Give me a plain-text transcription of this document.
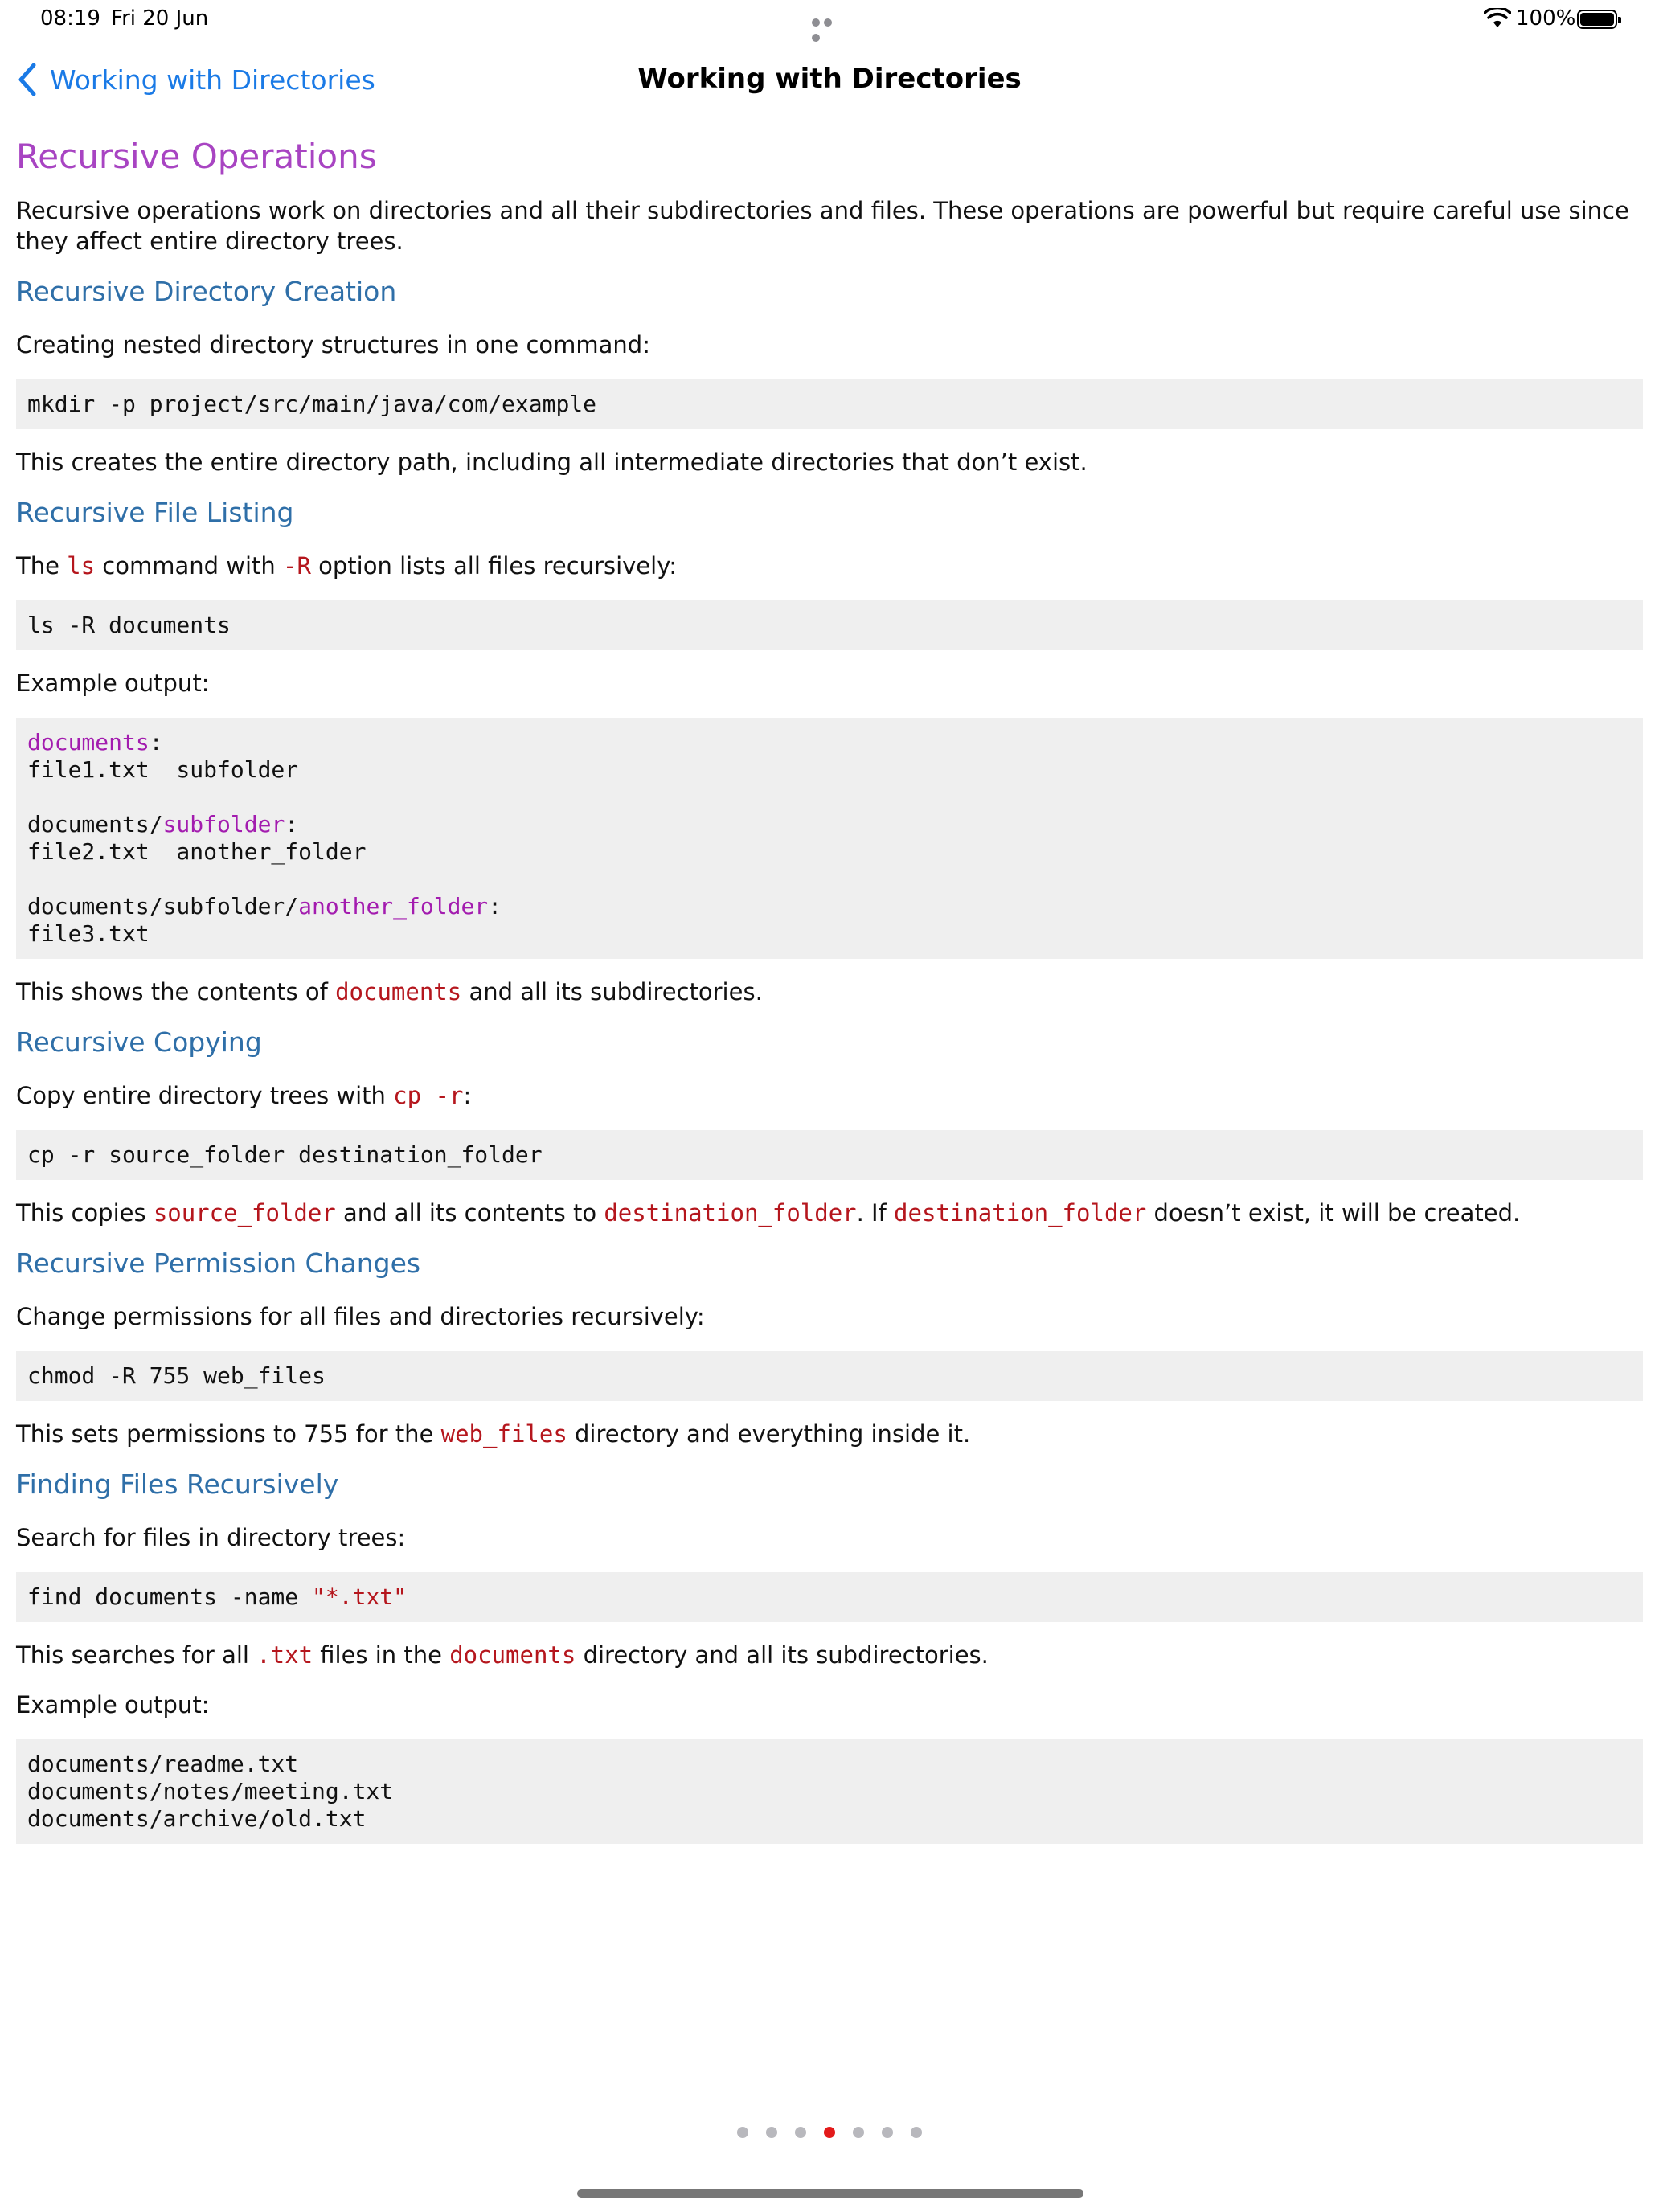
08:19 Fri 20 Jun	100%
Working with Directories	Working with Directories
Recursive Operations

Recursive operations work on directories and all their subdirectories and files. These operations are powerful but require careful use since they affect entire directory trees.

Recursive Directory Creation

Creating nested directory structures in one command:

mkdir -p project/src/main/java/com/example

This creates the entire directory path, including all intermediate directories that don’t exist.

Recursive File Listing

The ls command with -R option lists all files recursively:

ls -R documents

Example output:

documents:
file1.txt  subfolder

documents/subfolder:
file2.txt  another_folder

documents/subfolder/another_folder:
file3.txt

This shows the contents of documents and all its subdirectories.

Recursive Copying

Copy entire directory trees with cp -r:

cp -r source_folder destination_folder

This copies source_folder and all its contents to destination_folder. If destination_folder doesn’t exist, it will be created.

Recursive Permission Changes

Change permissions for all files and directories recursively:

chmod -R 755 web_files

This sets permissions to 755 for the web_files directory and everything inside it.

Finding Files Recursively

Search for files in directory trees:

find documents -name "*.txt"

This searches for all .txt files in the documents directory and all its subdirectories.

Example output:

documents/readme.txt
documents/notes/meeting.txt
documents/archive/old.txt
